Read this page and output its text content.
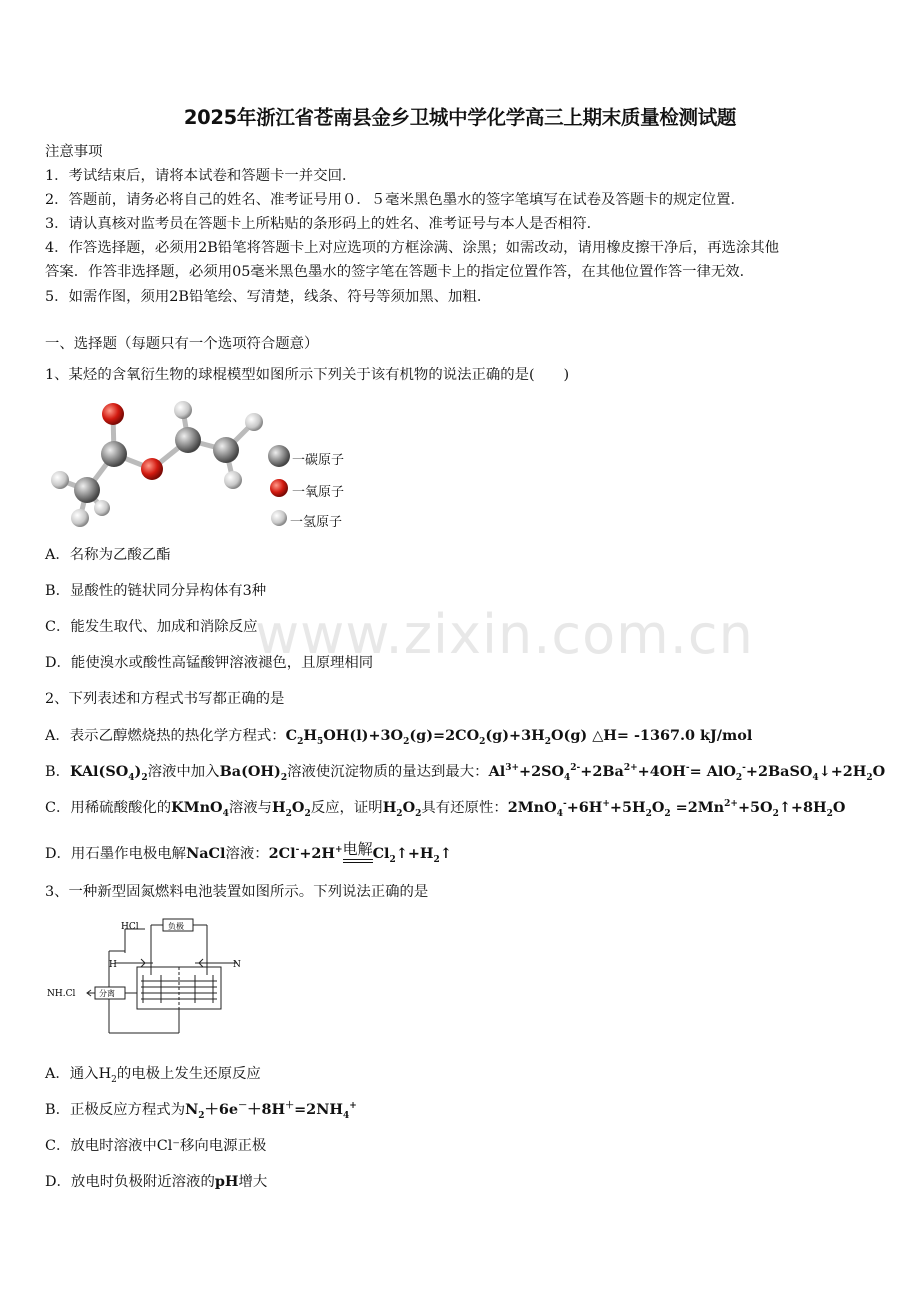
2025年浙江省苍南县金乡卫城中学化学高三上期末质量检测试题
注意事项
1．考试结束后，请将本试卷和答题卡一并交回．
2．答题前，请务必将自己的姓名、准考证号用０．５毫米黑色墨水的签字笔填写在试卷及答题卡的规定位置．
3．请认真核对监考员在答题卡上所粘贴的条形码上的姓名、准考证号与本人是否相符．
4．作答选择题，必须用2B铅笔将答题卡上对应选项的方框涂满、涂黑；如需改动，请用橡皮擦干净后，再选涂其他
答案．作答非选择题，必须用05毫米黑色墨水的签字笔在答题卡上的指定位置作答，在其他位置作答一律无效．
5．如需作图，须用2B铅笔绘、写清楚，线条、符号等须加黑、加粗．
一、选择题（每题只有一个选项符合题意）
1、某烃的含氧衍生物的球棍模型如图所示下列关于该有机物的说法正确的是(　　)
一碳原子
一氧原子
一氢原子
A．名称为乙酸乙酯
B．显酸性的链状同分异构体有3种
C．能发生取代、加成和消除反应
D．能使溴水或酸性高锰酸钾溶液褪色，且原理相同
www.zixin.com.cn
2、下列表述和方程式书写都正确的是
A．表示乙醇燃烧热的热化学方程式：$C_2H_5OH(l)+3O_2(g)=2CO_2(g)+3H_2O(g)$ △H= -1367.0 kJ/mol
B．$KAl(SO_4)_2$溶液中加入$Ba(OH)_2$溶液使沉淀物质的量达到最大：$Al^{3+}+2SO_4^{2-}+2Ba^{2+}+4OH^-=$ $AlO_2^-+2BaSO_4↓+2H_2O$
C．用稀硫酸酸化的KMnO$_4$溶液与$H_2O_2$反应，证明$H_2O_2$具有还原性：$2MnO_4^-+6H^++5H_2O_2$ $=2Mn^{2+}+5O_2↑+8H_2O$
D．用石墨作电极电解NaCl溶液：2Cl-+2H+电解$Cl_2↑+H_2↑$
3、一种新型固氮燃料电池装置如图所示。下列说法正确的是
HCl	负极
H	N
NH.Cl	分离
A．通入$H_2$的电极上发生还原反应
B．正极反应方程式为$N_2+6e^-+8H^+=2NH_4^+$
C．放电时溶液中Cl⁻移向电源正极
D．放电时负极附近溶液的pH增大
